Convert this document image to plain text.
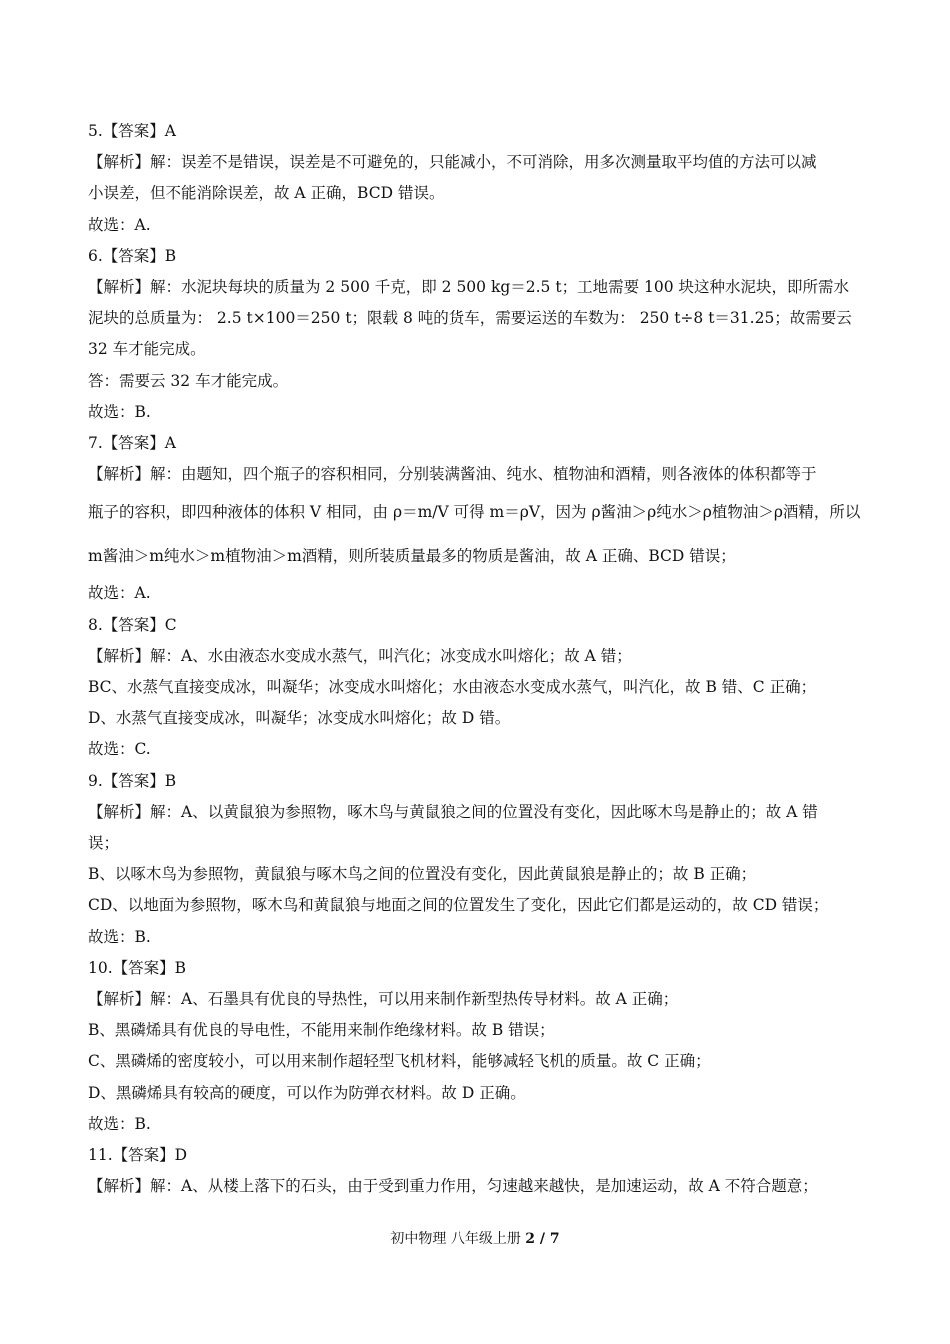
5.【答案】A
【解析】解：误差不是错误，误差是不可避免的，只能减小，不可消除，用多次测量取平均值的方法可以减
小误差，但不能消除误差，故 A 正确，BCD 错误。
故选：A.
6.【答案】B
【解析】解：水泥块每块的质量为 2 500 千克，即 2 500 kg＝2.5 t；工地需要 100 块这种水泥块，即所需水
泥块的总质量为： 2.5 t×100＝250 t；限载 8 吨的货车，需要运送的车数为： 250 t÷8 t＝31.25；故需要云
32 车才能完成。
答：需要云 32 车才能完成。
故选：B.
7.【答案】A
【解析】解：由题知，四个瓶子的容积相同，分别装满酱油、纯水、植物油和酒精，则各液体的体积都等于
瓶子的容积，即四种液体的体积 V 相同，由 ρ＝m/V 可得 m＝ρV，因为 ρ酱油＞ρ纯水＞ρ植物油＞ρ酒精，所以
m酱油＞m纯水＞m植物油＞m酒精，则所装质量最多的物质是酱油，故 A 正确、BCD 错误；
故选：A.
8.【答案】C
【解析】解：A、水由液态水变成水蒸气，叫汽化；冰变成水叫熔化；故 A 错；
BC、水蒸气直接变成冰，叫凝华；冰变成水叫熔化；水由液态水变成水蒸气，叫汽化，故 B 错、C 正确；
D、水蒸气直接变成冰，叫凝华；冰变成水叫熔化；故 D 错。
故选：C.
9.【答案】B
【解析】解：A、以黄鼠狼为参照物，啄木鸟与黄鼠狼之间的位置没有变化，因此啄木鸟是静止的；故 A 错
误；
B、以啄木鸟为参照物，黄鼠狼与啄木鸟之间的位置没有变化，因此黄鼠狼是静止的；故 B 正确；
CD、以地面为参照物，啄木鸟和黄鼠狼与地面之间的位置发生了变化，因此它们都是运动的，故 CD 错误；
故选：B.
10.【答案】B
【解析】解：A、石墨具有优良的导热性，可以用来制作新型热传导材料。故 A 正确；
B、黑磷烯具有优良的导电性，不能用来制作绝缘材料。故 B 错误；
C、黑磷烯的密度较小，可以用来制作超轻型飞机材料，能够减轻飞机的质量。故 C 正确；
D、黑磷烯具有较高的硬度，可以作为防弹衣材料。故 D 正确。
故选：B.
11.【答案】D
【解析】解：A、从楼上落下的石头，由于受到重力作用，匀速越来越快，是加速运动，故 A 不符合题意；
初中物理 八年级上册 2 / 7
